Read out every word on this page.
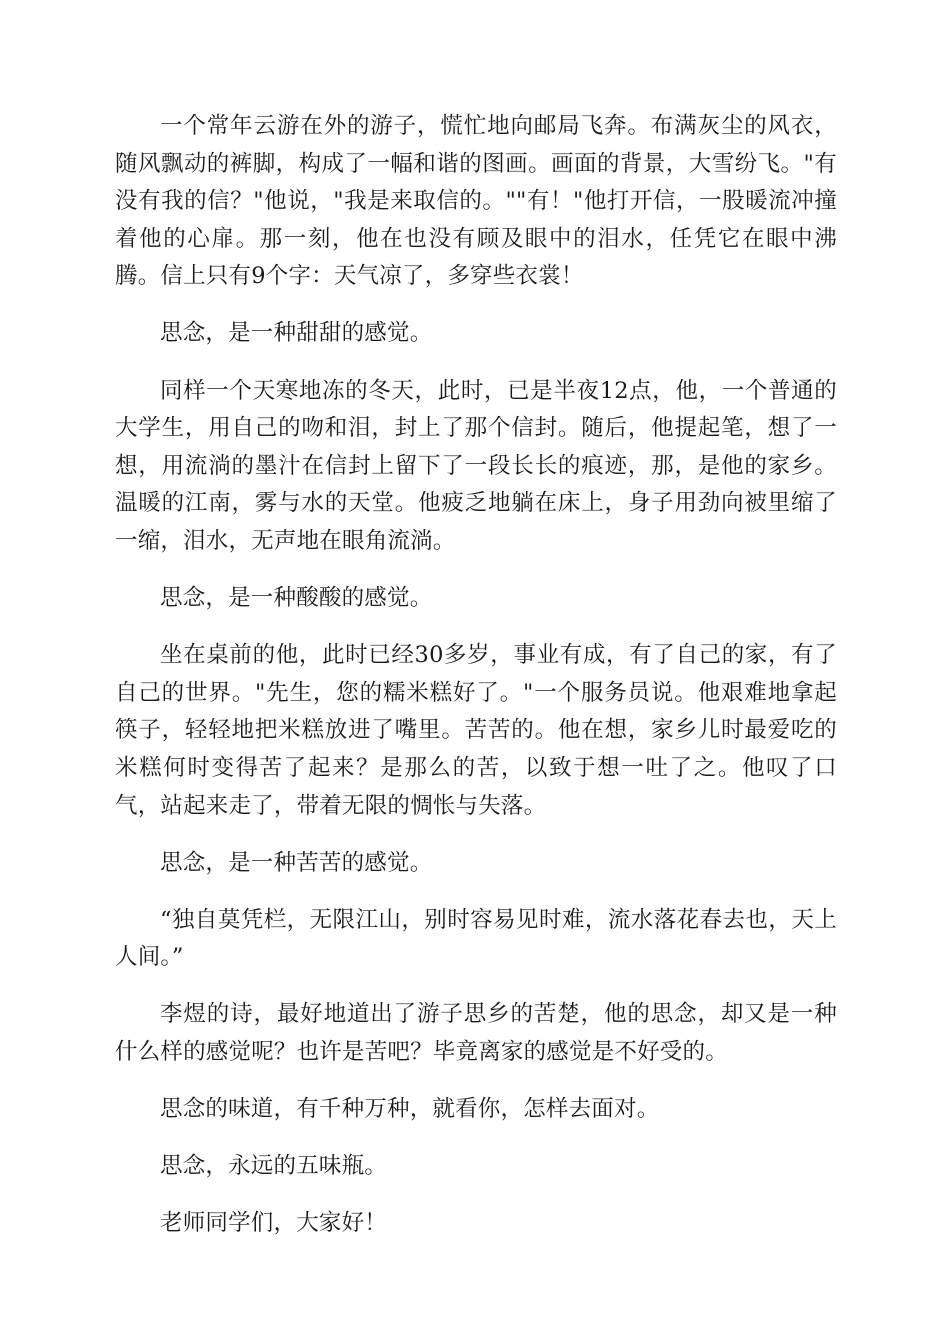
一个常年云游在外的游子，慌忙地向邮局飞奔。布满灰尘的风衣，随风飘动的裤脚，构成了一幅和谐的图画。画面的背景，大雪纷飞。"有没有我的信？"他说，"我是来取信的。""有！"他打开信，一股暖流冲撞着他的心扉。那一刻，他在也没有顾及眼中的泪水，任凭它在眼中沸腾。信上只有9个字：天气凉了，多穿些衣裳！

思念，是一种甜甜的感觉。

同样一个天寒地冻的冬天，此时，已是半夜12点，他，一个普通的大学生，用自己的吻和泪，封上了那个信封。随后，他提起笔，想了一想，用流淌的墨汁在信封上留下了一段长长的痕迹，那，是他的家乡。温暖的江南，雾与水的天堂。他疲乏地躺在床上，身子用劲向被里缩了一缩，泪水，无声地在眼角流淌。

思念，是一种酸酸的感觉。

坐在桌前的他，此时已经30多岁，事业有成，有了自己的家，有了自己的世界。"先生，您的糯米糕好了。"一个服务员说。他艰难地拿起筷子，轻轻地把米糕放进了嘴里。苦苦的。他在想，家乡儿时最爱吃的米糕何时变得苦了起来？是那么的苦，以致于想一吐了之。他叹了口气，站起来走了，带着无限的惆怅与失落。

思念，是一种苦苦的感觉。

“独自莫凭栏，无限江山，别时容易见时难，流水落花春去也，天上人间。”

李煜的诗，最好地道出了游子思乡的苦楚，他的思念，却又是一种什么样的感觉呢？也许是苦吧？毕竟离家的感觉是不好受的。

思念的味道，有千种万种，就看你，怎样去面对。

思念，永远的五味瓶。

老师同学们，大家好！
